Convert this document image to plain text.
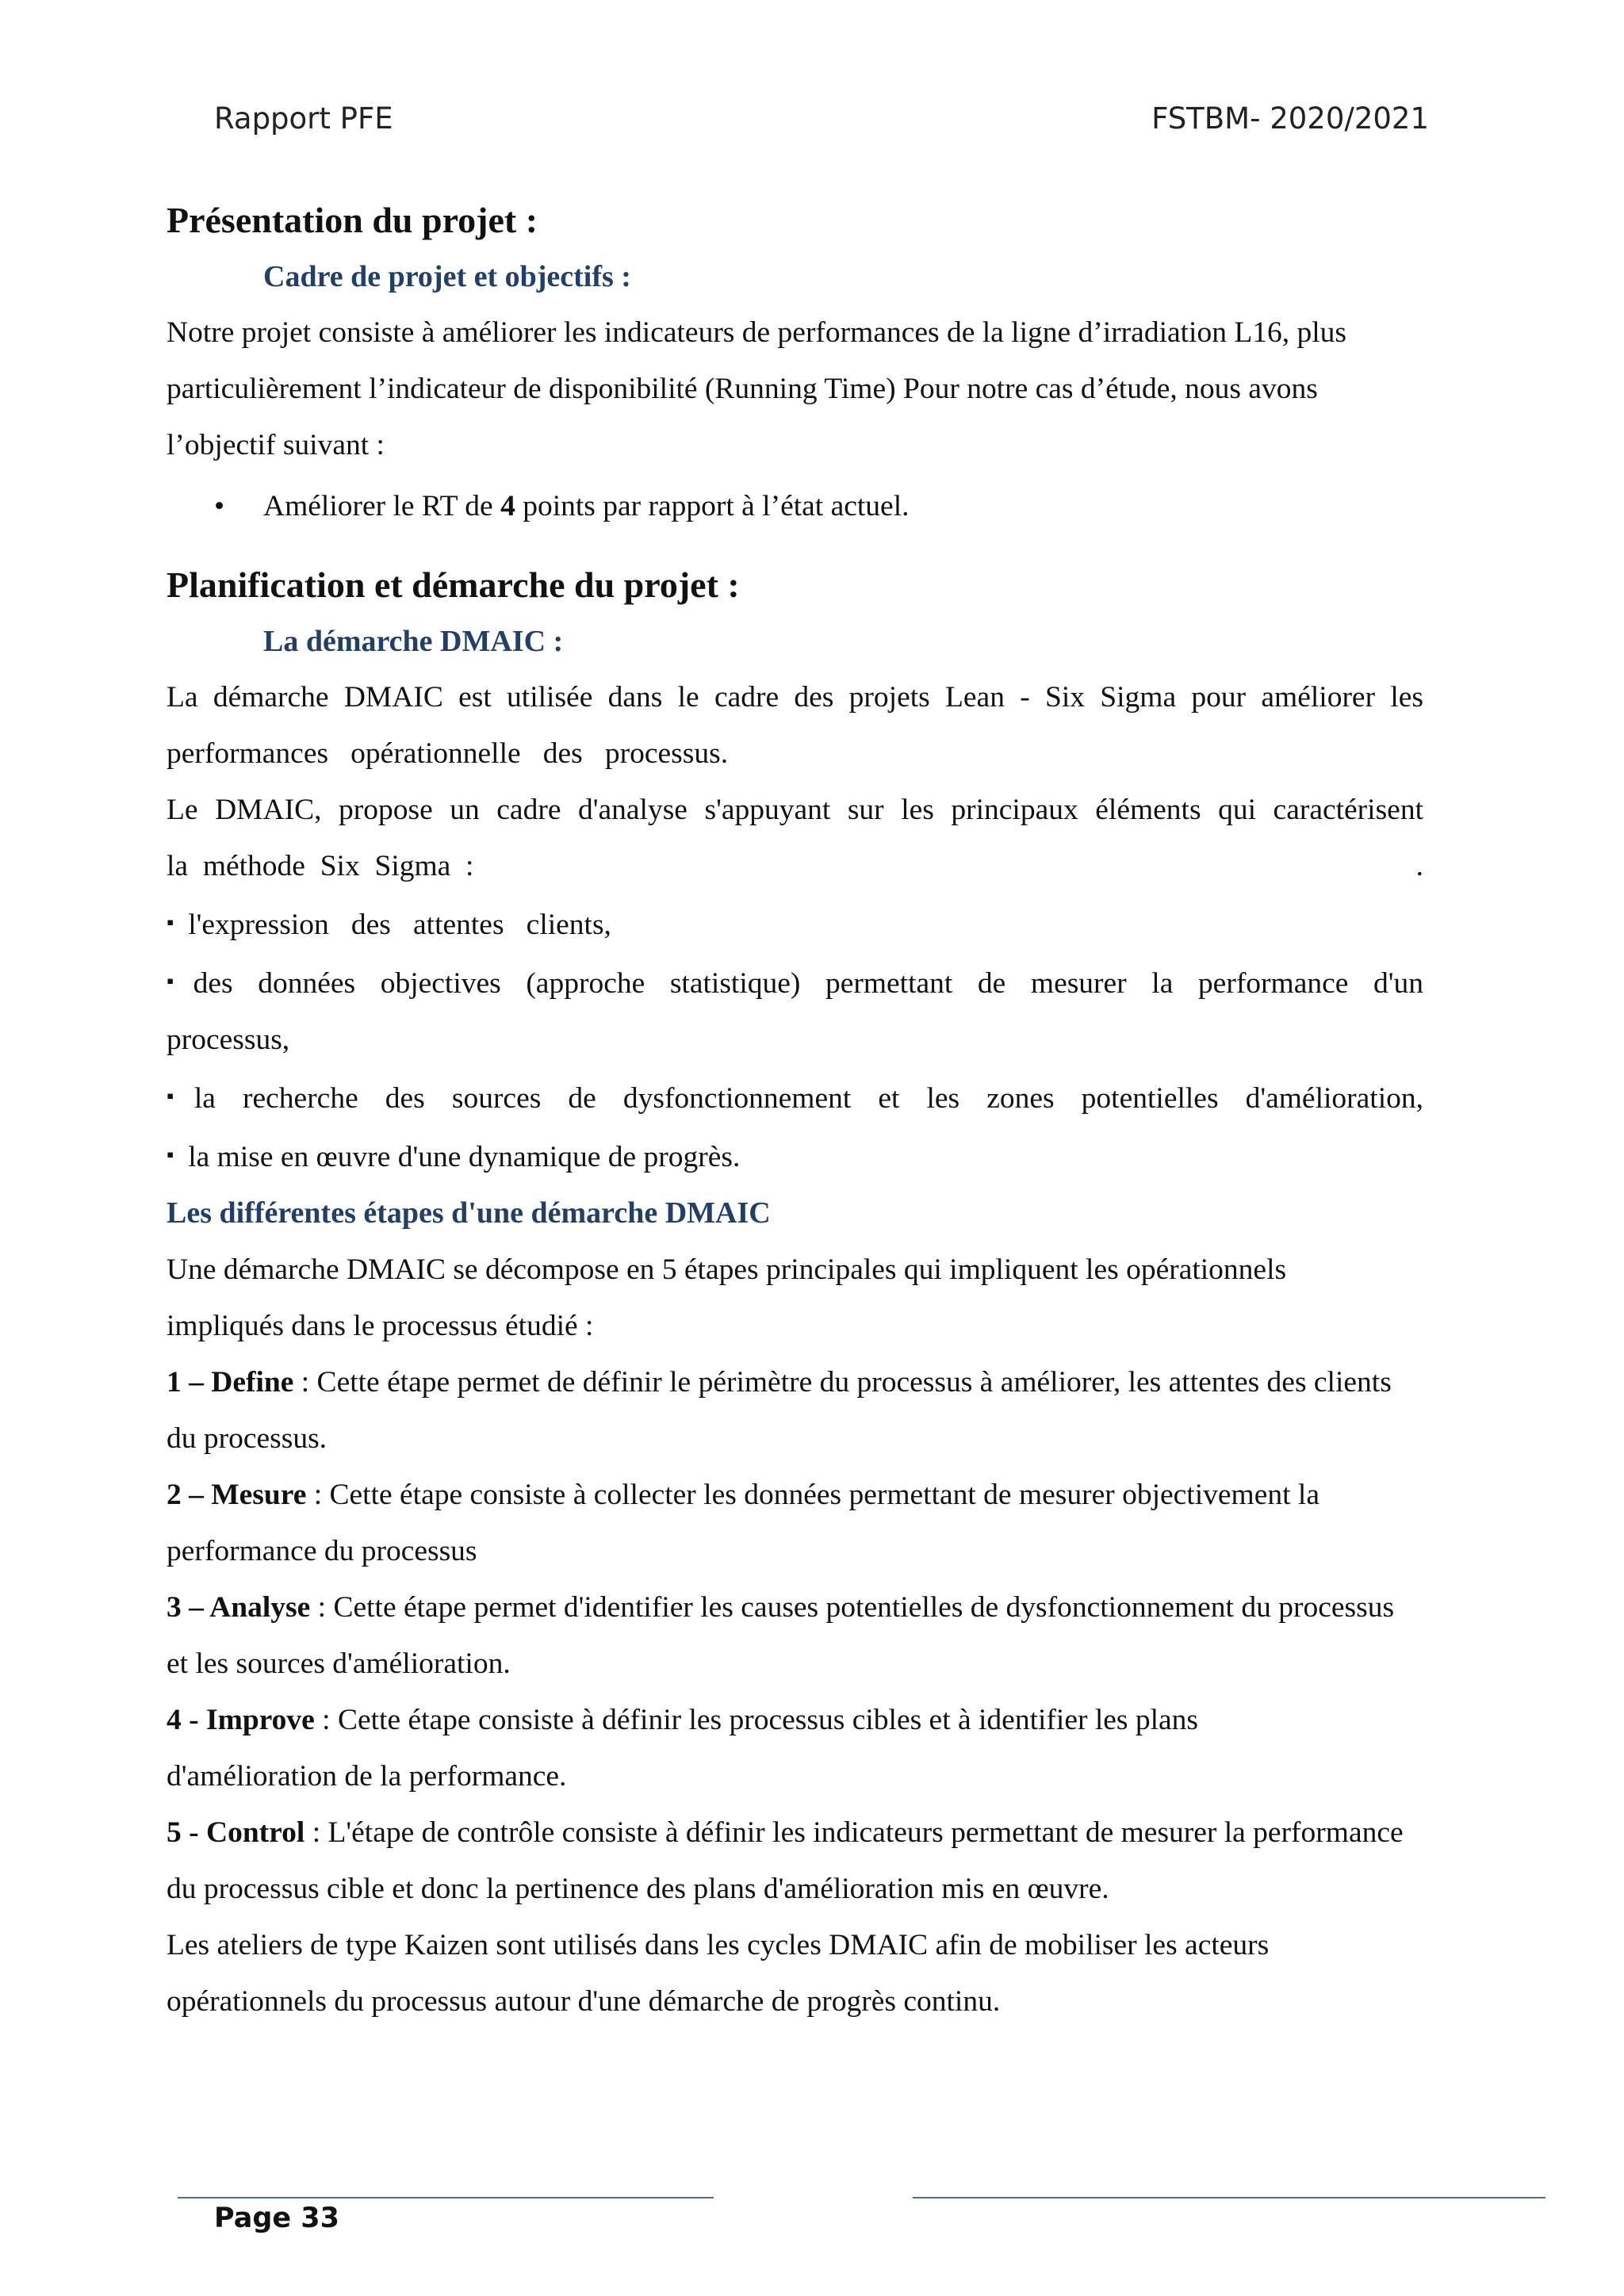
Rapport PFE	FSTBM- 2020/2021
Présentation du projet :
Cadre de projet et objectifs :

Notre projet consiste à améliorer les indicateurs de performances de la ligne d’irradiation L16, plus particulièrement l’indicateur de disponibilité (Running Time) Pour notre cas d’étude, nous avons l’objectif suivant :

•	Améliorer le RT de 4 points par rapport à l’état actuel.
Planification et démarche du projet :
La démarche DMAIC :

La démarche DMAIC est utilisée dans le cadre des projets Lean - Six Sigma pour améliorer les

performances   opérationnelle   des   processus.

Le DMAIC, propose un cadre d'analyse s'appuyant sur les principaux éléments qui caractérisent

la  méthode  Six  Sigma  :	.

▪ l'expression   des   attentes   clients,

▪ des  données  objectives  (approche  statistique)  permettant  de  mesurer  la  performance  d'un processus,

▪ la  recherche  des  sources  de  dysfonctionnement  et  les  zones  potentielles  d'amélioration,

▪ la mise en œuvre d'une dynamique de progrès.

Les différentes étapes d'une démarche DMAIC

Une démarche DMAIC se décompose en 5 étapes principales qui impliquent les opérationnels impliqués dans le processus étudié :

1 – Define : Cette étape permet de définir le périmètre du processus à améliorer, les attentes des clients du processus.

2 – Mesure : Cette étape consiste à collecter les données permettant de mesurer objectivement la performance du processus

3 – Analyse : Cette étape permet d'identifier les causes potentielles de dysfonctionnement du processus et les sources d'amélioration.

4 - Improve : Cette étape consiste à définir les processus cibles et à identifier les plans d'amélioration de la performance.

5 - Control : L'étape de contrôle consiste à définir les indicateurs permettant de mesurer la performance du processus cible et donc la pertinence des plans d'amélioration mis en œuvre.

Les ateliers de type Kaizen sont utilisés dans les cycles DMAIC afin de mobiliser les acteurs opérationnels du processus autour d'une démarche de progrès continu.

Page 33
